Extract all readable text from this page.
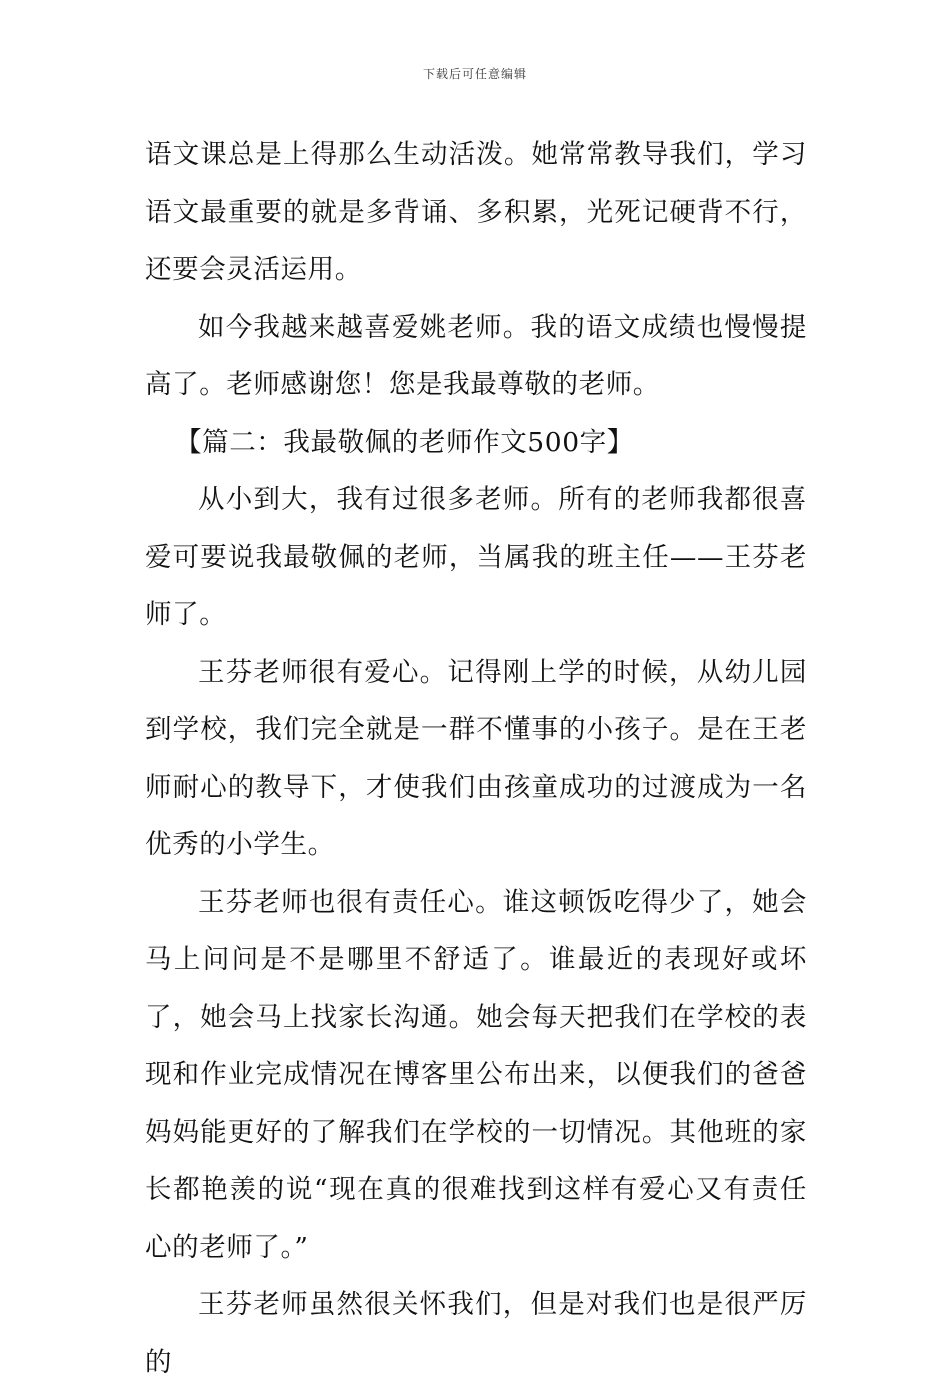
下载后可任意编辑

语文课总是上得那么生动活泼。她常常教导我们，学习语文最重要的就是多背诵、多积累，光死记硬背不行，还要会灵活运用。

如今我越来越喜爱姚老师。我的语文成绩也慢慢提高了。老师感谢您！您是我最尊敬的老师。

【篇二：我最敬佩的老师作文500字】

从小到大，我有过很多老师。所有的老师我都很喜爱可要说我最敬佩的老师，当属我的班主任——王芬老师了。

王芬老师很有爱心。记得刚上学的时候，从幼儿园到学校，我们完全就是一群不懂事的小孩子。是在王老师耐心的教导下，才使我们由孩童成功的过渡成为一名优秀的小学生。

王芬老师也很有责任心。谁这顿饭吃得少了，她会马上问问是不是哪里不舒适了。谁最近的表现好或坏了，她会马上找家长沟通。她会每天把我们在学校的表现和作业完成情况在博客里公布出来，以便我们的爸爸妈妈能更好的了解我们在学校的一切情况。其他班的家长都艳羡的说“现在真的很难找到这样有爱心又有责任心的老师了。”

王芬老师虽然很关怀我们，但是对我们也是很严厉的
